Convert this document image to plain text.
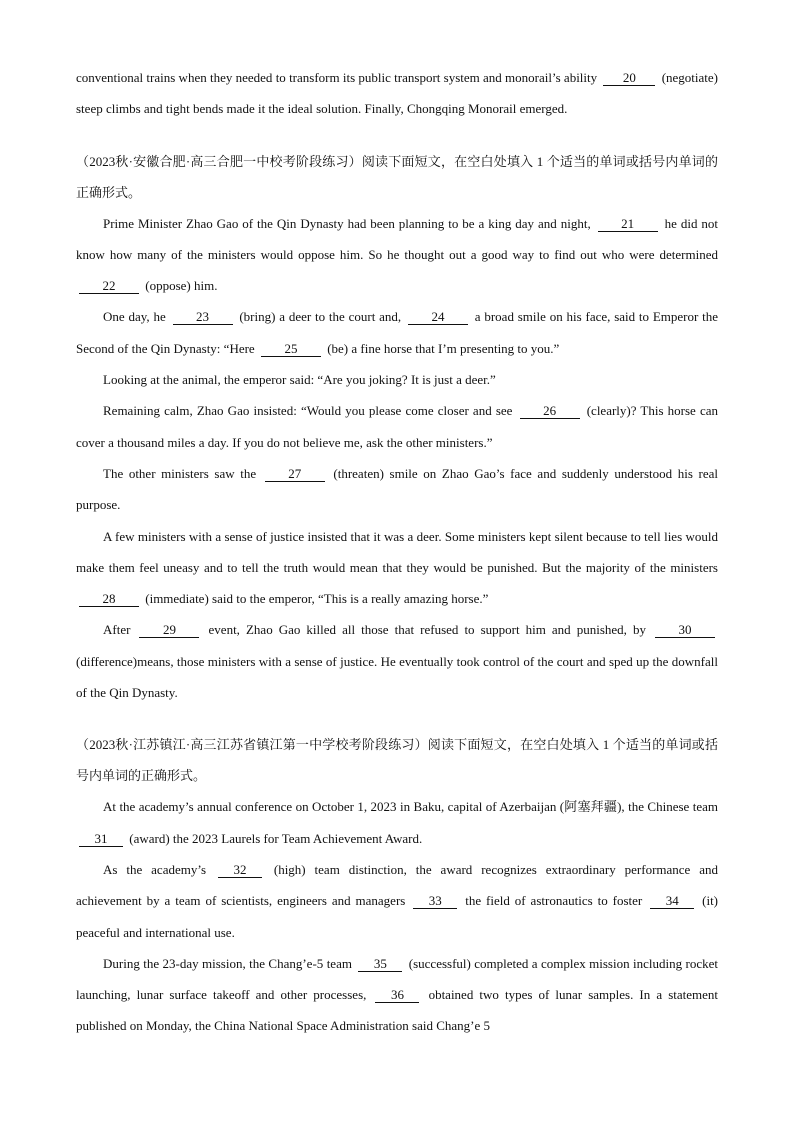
conventional trains when they needed to transform its public transport system and monorail’s ability 20 (negotiate) steep climbs and tight bends made it the ideal solution. Finally, Chongqing Monorail emerged.

（2023秋·安徽合肥·高三合肥一中校考阶段练习）阅读下面短文，在空白处填入 1 个适当的单词或括号内单词的正确形式。

Prime Minister Zhao Gao of the Qin Dynasty had been planning to be a king day and night, 21 he did not know how many of the ministers would oppose him. So he thought out a good way to find out who were determined 22 (oppose) him.

One day, he 23 (bring) a deer to the court and, 24 a broad smile on his face, said to Emperor the Second of the Qin Dynasty: “Here 25 (be) a fine horse that I’m presenting to you.”

Looking at the animal, the emperor said: “Are you joking? It is just a deer.”

Remaining calm, Zhao Gao insisted: “Would you please come closer and see 26 (clearly)? This horse can cover a thousand miles a day. If you do not believe me, ask the other ministers.”

The other ministers saw the 27 (threaten) smile on Zhao Gao’s face and suddenly understood his real purpose.

A few ministers with a sense of justice insisted that it was a deer. Some ministers kept silent because to tell lies would make them feel uneasy and to tell the truth would mean that they would be punished. But the majority of the ministers 28 (immediate) said to the emperor, “This is a really amazing horse.”

After	29	event, Zhao Gao killed all those that refused to support him and punished, by	30 (difference)means, those ministers with a sense of justice. He eventually took control of the court and sped up the downfall of the Qin Dynasty.

（2023秋·江苏镇江·高三江苏省镇江第一中学校考阶段练习）阅读下面短文，在空白处填入 1 个适当的单词或括号内单词的正确形式。

At the academy’s annual conference on October 1, 2023 in Baku, capital of Azerbaijan (阿塞拜疆), the Chinese team 31 (award) the 2023 Laurels for Team Achievement Award.

As the academy’s 32 (high) team distinction, the award recognizes extraordinary performance and achievement by a team of scientists, engineers and managers 33 the field of astronautics to foster 34 (it) peaceful and international use.

During the 23-day mission, the Chang’e-5 team 35 (successful) completed a complex mission including rocket launching, lunar surface takeoff and other processes, 36 obtained two types of lunar samples. In a statement published on Monday, the China National Space Administration said Chang’e 5
